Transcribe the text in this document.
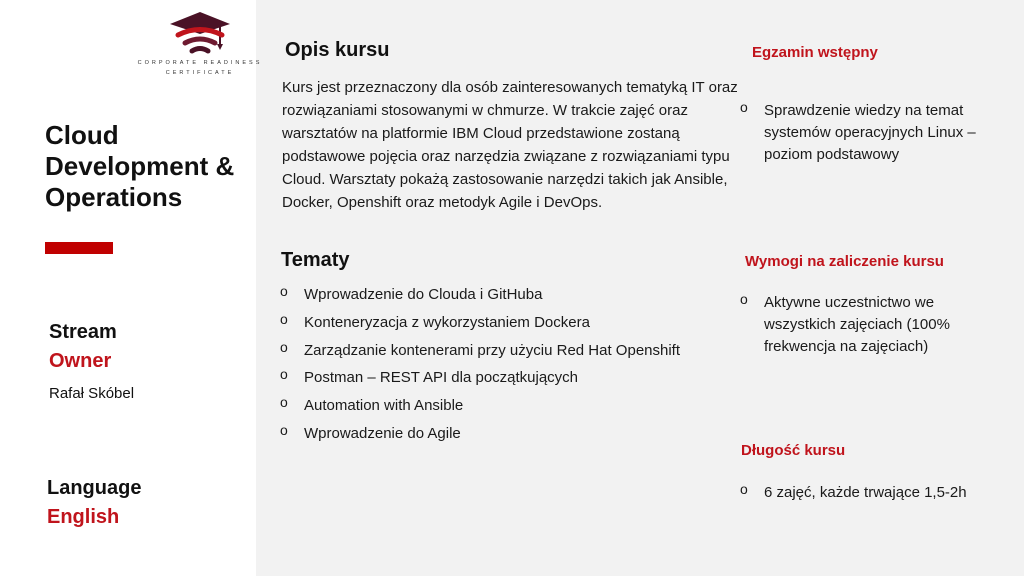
CORPORATE READINESS
CERTIFICATE
Cloud Development & Operations
Stream
Owner
Rafał Skóbel
Language
English
Opis kursu
Kurs jest przeznaczony dla osób zainteresowanych tematyką IT oraz rozwiązaniami stosowanymi w chmurze. W trakcie zajęć oraz warsztatów na platformie IBM Cloud przedstawione zostaną podstawowe pojęcia oraz narzędzia związane z rozwiązaniami typu Cloud. Warsztaty pokażą zastosowanie narzędzi takich jak Ansible, Docker, Openshift oraz metodyk Agile i DevOps.
Tematy
o Wprowadzenie do Clouda i GitHuba
o Konteneryzacja z wykorzystaniem Dockera
o Zarządzanie kontenerami przy użyciu Red Hat Openshift
o Postman – REST API dla początkujących
o Automation with Ansible
o Wprowadzenie do Agile
Egzamin wstępny
o Sprawdzenie wiedzy na temat systemów operacyjnych Linux – poziom podstawowy
Wymogi na zaliczenie kursu
o Aktywne uczestnictwo we wszystkich zajęciach (100% frekwencja na zajęciach)
Długość kursu
o 6 zajęć, każde trwające 1,5-2h
